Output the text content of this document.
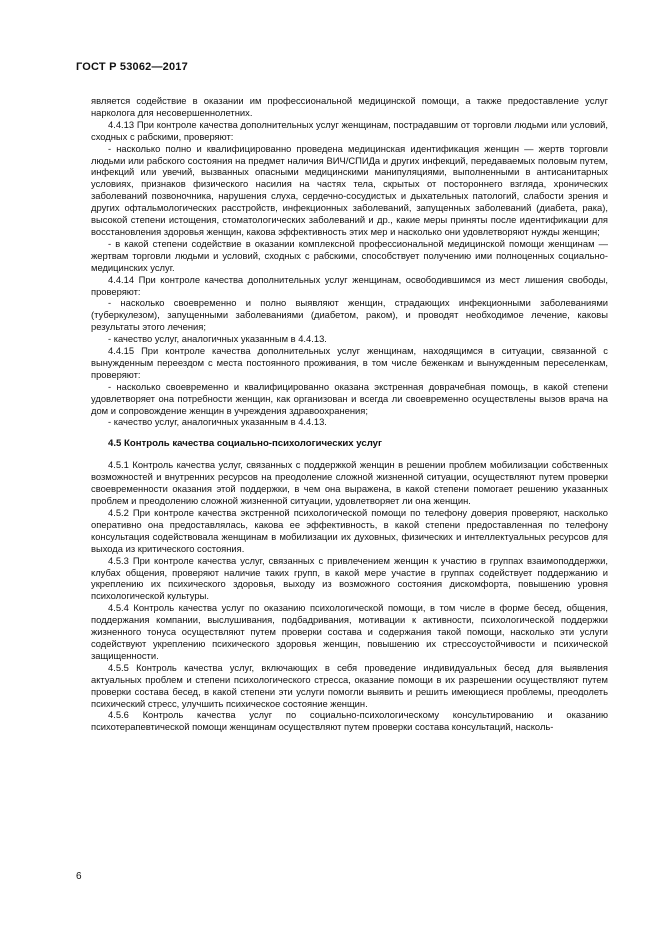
ГОСТ Р 53062—2017

является содействие в оказании им профессиональной медицинской помощи, а также предоставление услуг нарколога для несовершеннолетних.

4.4.13 При контроле качества дополнительных услуг женщинам, пострадавшим от торговли людьми или условий, сходных с рабскими, проверяют:

- насколько полно и квалифицированно проведена медицинская идентификация женщин — жертв торговли людьми или рабского состояния на предмет наличия ВИЧ/СПИДа и других инфекций, передаваемых половым путем, инфекций или увечий, вызванных опасными медицинскими манипуляциями, выполненными в антисанитарных условиях, признаков физического насилия на частях тела, скрытых от постороннего взгляда, хронических заболеваний позвоночника, нарушения слуха, сердечно-сосудистых и дыхательных патологий, слабости зрения и других офтальмологических расстройств, инфекционных заболеваний, запущенных заболеваний (диабета, рака), высокой степени истощения, стоматологических заболеваний и др., какие меры приняты после идентификации для восстановления здоровья женщин, какова эффективность этих мер и насколько они удовлетворяют нужды женщин;

- в какой степени содействие в оказании комплексной профессиональной медицинской помощи женщинам — жертвам торговли людьми и условий, сходных с рабскими, способствует получению ими полноценных социально-медицинских услуг.

4.4.14 При контроле качества дополнительных услуг женщинам, освободившимся из мест лишения свободы, проверяют:

- насколько своевременно и полно выявляют женщин, страдающих инфекционными заболеваниями (туберкулезом), запущенными заболеваниями (диабетом, раком), и проводят необходимое лечение, каковы результаты этого лечения;

- качество услуг, аналогичных указанным в 4.4.13.

4.4.15 При контроле качества дополнительных услуг женщинам, находящимся в ситуации, связанной с вынужденным переездом с места постоянного проживания, в том числе беженкам и вынужденным переселенкам, проверяют:

- насколько своевременно и квалифицированно оказана экстренная доврачебная помощь, в какой степени удовлетворяет она потребности женщин, как организован и всегда ли своевременно осуществлены вызов врача на дом и сопровождение женщин в учреждения здравоохранения;

- качество услуг, аналогичных указанным в 4.4.13.

4.5 Контроль качества социально-психологических услуг

4.5.1 Контроль качества услуг, связанных с поддержкой женщин в решении проблем мобилизации собственных возможностей и внутренних ресурсов на преодоление сложной жизненной ситуации, осуществляют путем проверки своевременности оказания этой поддержки, в чем она выражена, в какой степени помогает решению указанных проблем и преодолению сложной жизненной ситуации, удовлетворяет ли она женщин.

4.5.2 При контроле качества экстренной психологической помощи по телефону доверия проверяют, насколько оперативно она предоставлялась, какова ее эффективность, в какой степени предоставленная по телефону консультация содействовала женщинам в мобилизации их духовных, физических и интеллектуальных ресурсов для выхода из критического состояния.

4.5.3 При контроле качества услуг, связанных с привлечением женщин к участию в группах взаимоподдержки, клубах общения, проверяют наличие таких групп, в какой мере участие в группах содействует поддержанию и укреплению их психического здоровья, выходу из возможного состояния дискомфорта, повышению уровня психологической культуры.

4.5.4 Контроль качества услуг по оказанию психологической помощи, в том числе в форме бесед, общения, поддержания компании, выслушивания, подбадривания, мотивации к активности, психологической поддержки жизненного тонуса осуществляют путем проверки состава и содержания такой помощи, насколько эти услуги содействуют укреплению психического здоровья женщин, повышению их стрессоустойчивости и психической защищенности.

4.5.5 Контроль качества услуг, включающих в себя проведение индивидуальных бесед для выявления актуальных проблем и степени психологического стресса, оказание помощи в их разрешении осуществляют путем проверки состава бесед, в какой степени эти услуги помогли выявить и решить имеющиеся проблемы, преодолеть психический стресс, улучшить психическое состояние женщин.

4.5.6 Контроль качества услуг по социально-психологическому консультированию и оказанию психотерапевтической помощи женщинам осуществляют путем проверки состава консультаций, насколь-

6
